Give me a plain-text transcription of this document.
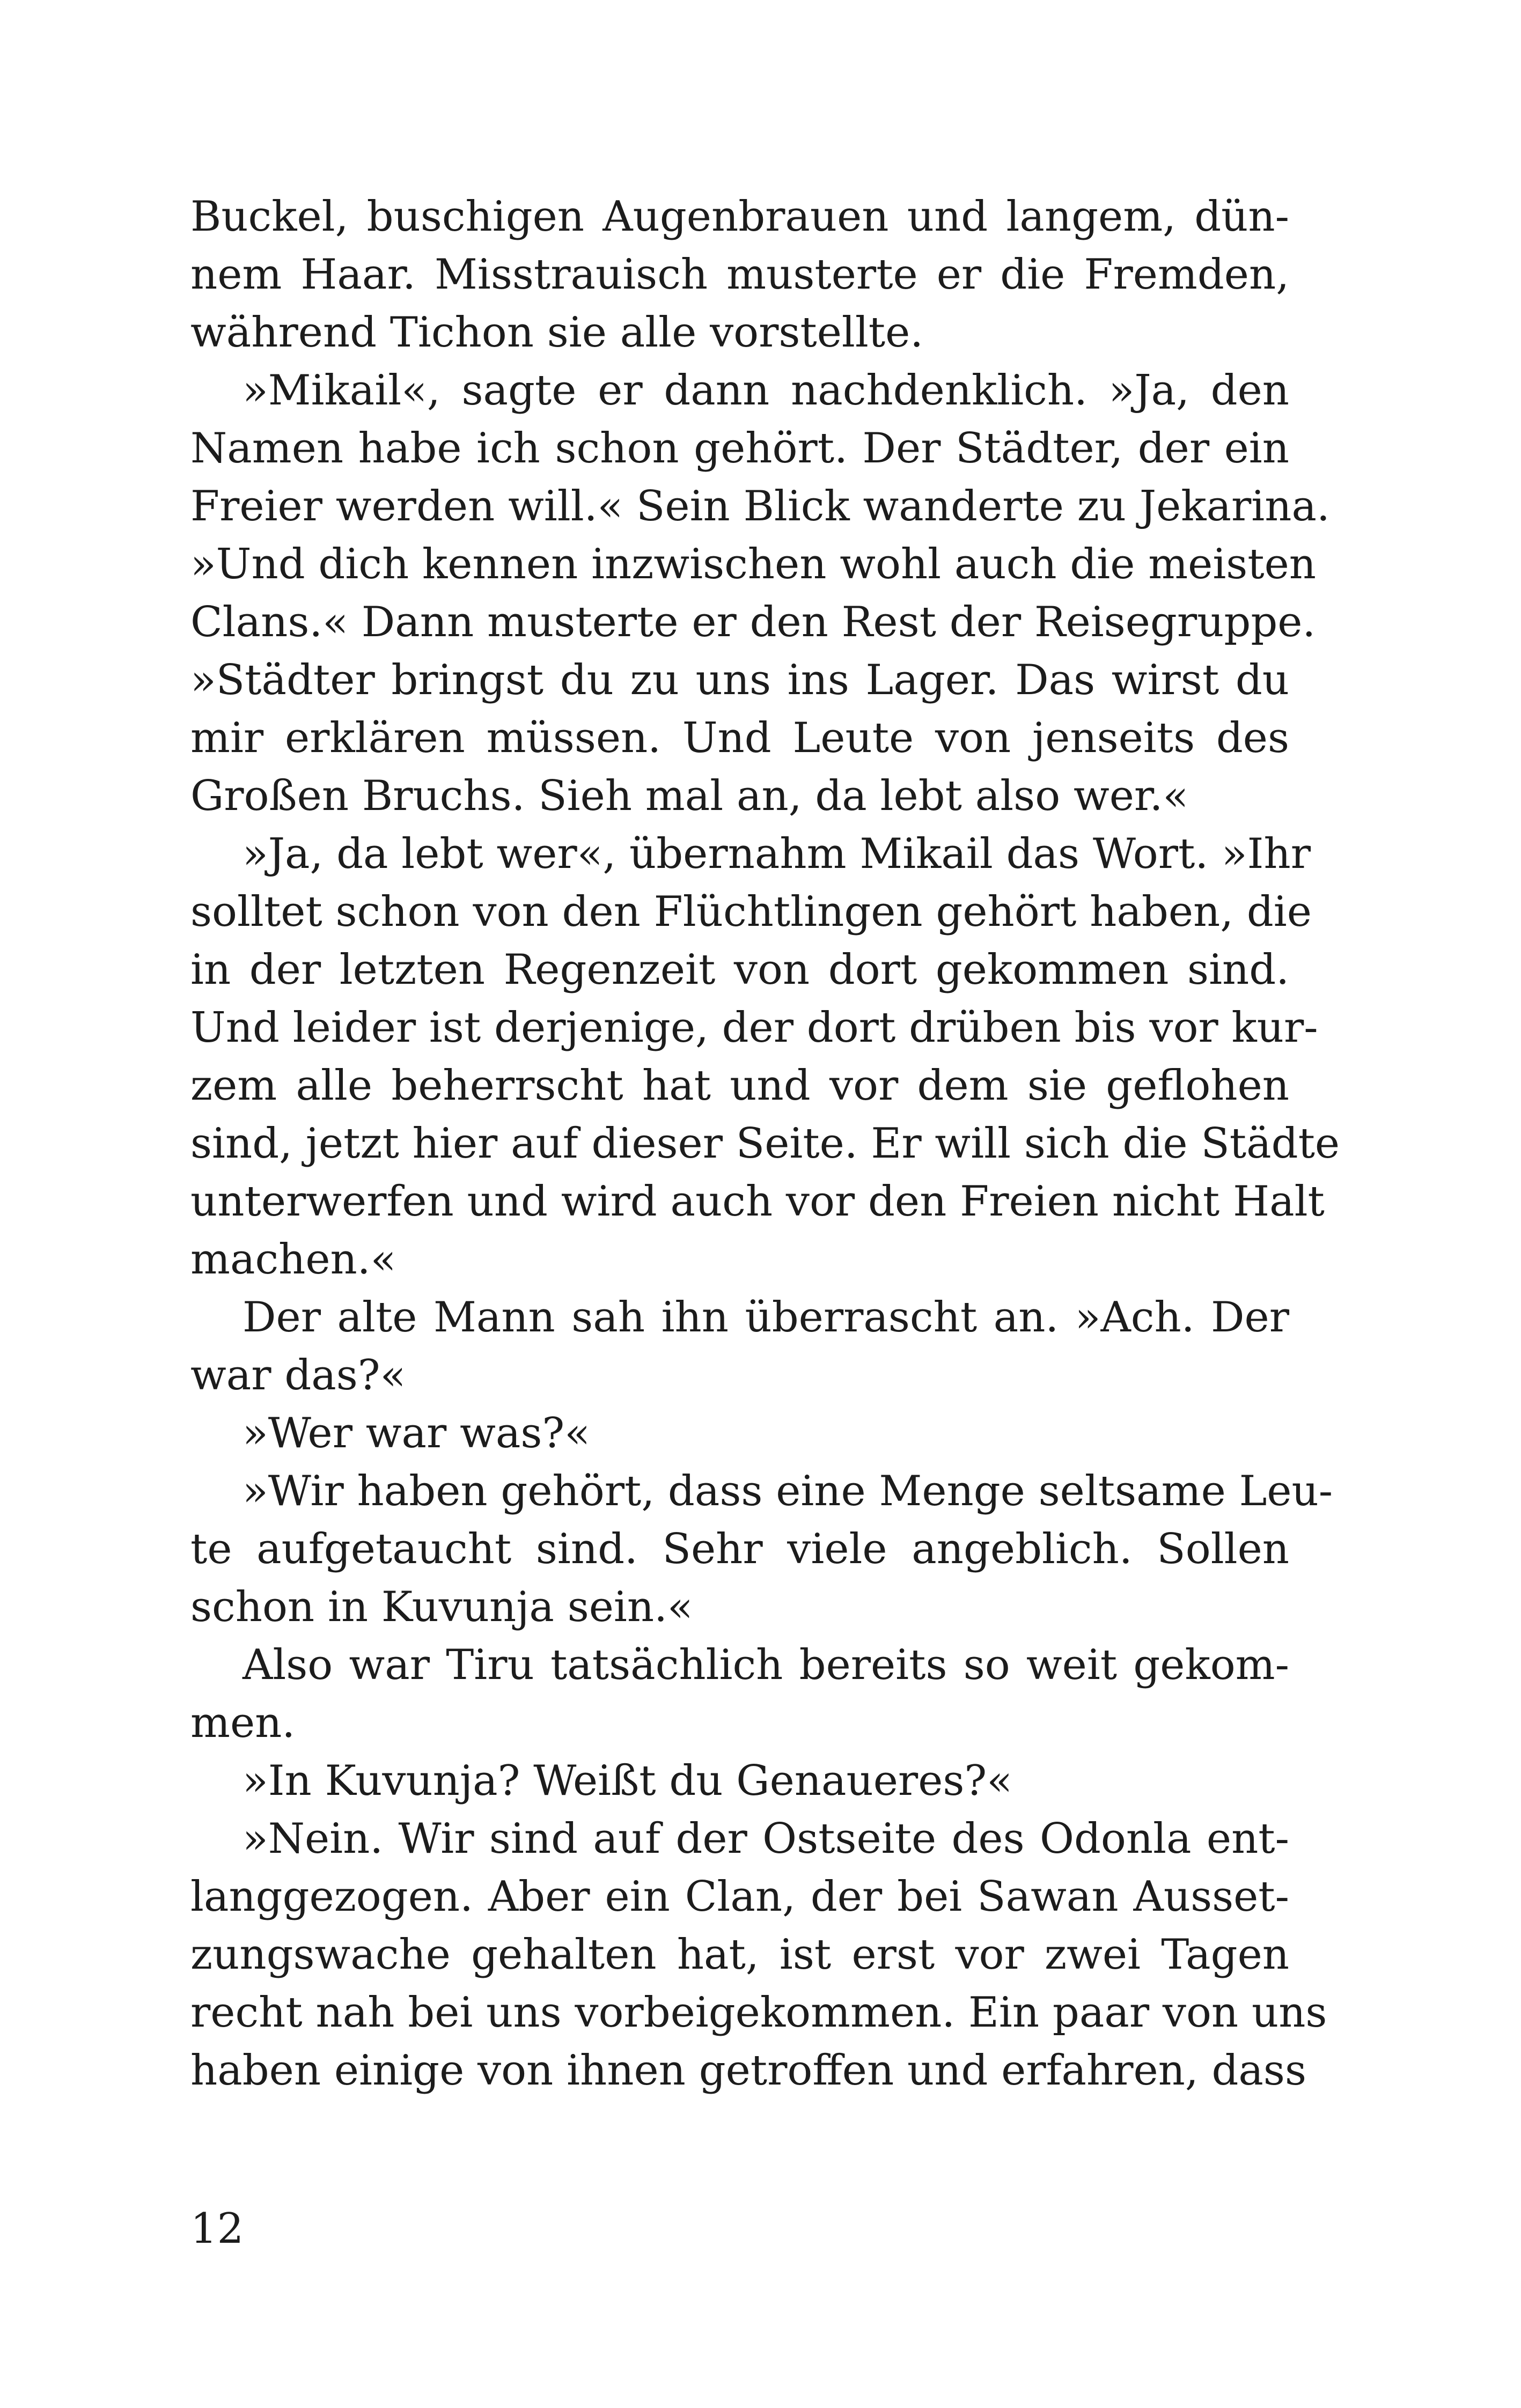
Buckel, buschigen Augenbrauen und langem, dün-
nem Haar. Misstrauisch musterte er die Fremden,
während Tichon sie alle vorstellte.
»Mikail«, sagte er dann nachdenklich. »Ja, den
Namen habe ich schon gehört. Der Städter, der ein
Freier werden will.« Sein Blick wanderte zu Jekarina.
»Und dich kennen inzwischen wohl auch die meisten
Clans.« Dann musterte er den Rest der Reisegruppe.
»Städter bringst du zu uns ins Lager. Das wirst du
mir erklären müssen. Und Leute von jenseits des
Großen Bruchs. Sieh mal an, da lebt also wer.«
»Ja, da lebt wer«, übernahm Mikail das Wort. »Ihr
solltet schon von den Flüchtlingen gehört haben, die
in der letzten Regenzeit von dort gekommen sind.
Und leider ist derjenige, der dort drüben bis vor kur-
zem alle beherrscht hat und vor dem sie geflohen
sind, jetzt hier auf dieser Seite. Er will sich die Städte
unterwerfen und wird auch vor den Freien nicht Halt
machen.«
Der alte Mann sah ihn überrascht an. »Ach. Der
war das?«
»Wer war was?«
»Wir haben gehört, dass eine Menge seltsame Leu-
te aufgetaucht sind. Sehr viele angeblich. Sollen
schon in Kuvunja sein.«
Also war Tiru tatsächlich bereits so weit gekom-
men.
»In Kuvunja? Weißt du Genaueres?«
»Nein. Wir sind auf der Ostseite des Odonla ent-
langgezogen. Aber ein Clan, der bei Sawan Ausset-
zungswache gehalten hat, ist erst vor zwei Tagen
recht nah bei uns vorbeigekommen. Ein paar von uns
haben einige von ihnen getroffen und erfahren, dass
12
